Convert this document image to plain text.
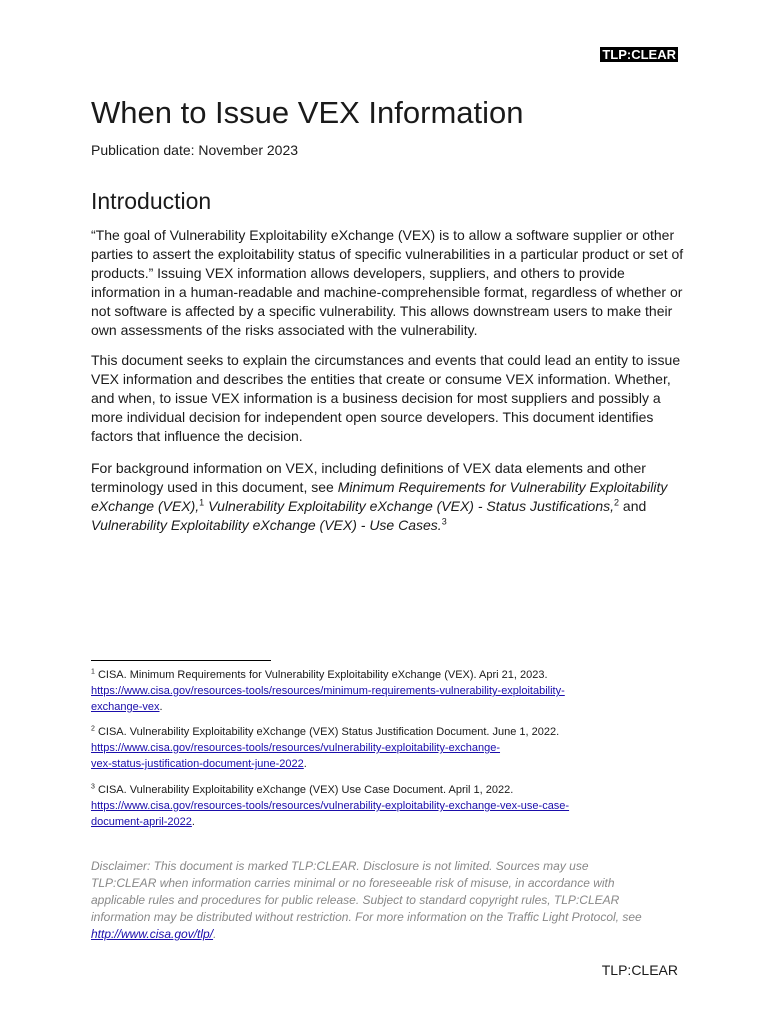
TLP:CLEAR
When to Issue VEX Information

Publication date: November 2023

Introduction

“The goal of Vulnerability Exploitability eXchange (VEX) is to allow a software supplier or other
parties to assert the exploitability status of specific vulnerabilities in a particular product or set of
products.” Issuing VEX information allows developers, suppliers, and others to provide
information in a human-readable and machine-comprehensible format, regardless of whether or
not software is affected by a specific vulnerability. This allows downstream users to make their
own assessments of the risks associated with the vulnerability.

This document seeks to explain the circumstances and events that could lead an entity to issue
VEX information and describes the entities that create or consume VEX information. Whether,
and when, to issue VEX information is a business decision for most suppliers and possibly a
more individual decision for independent open source developers. This document identifies
factors that influence the decision.

For background information on VEX, including definitions of VEX data elements and other
terminology used in this document, see Minimum Requirements for Vulnerability Exploitability
eXchange (VEX),$^1$ Vulnerability Exploitability eXchange (VEX) - Status Justifications,$^2$ and
Vulnerability Exploitability eXchange (VEX) - Use Cases.$^3$

$^1$ CISA. Minimum Requirements for Vulnerability Exploitability eXchange (VEX). Apri 21, 2023.
https://www.cisa.gov/resources-tools/resources/minimum-requirements-vulnerability-exploitability-
exchange-vex.

$^2$ CISA. Vulnerability Exploitability eXchange (VEX) Status Justification Document. June 1, 2022.
https://www.cisa.gov/resources-tools/resources/vulnerability-exploitability-exchange-
vex-status-justification-document-june-2022.

$^3$ CISA. Vulnerability Exploitability eXchange (VEX) Use Case Document. April 1, 2022.
https://www.cisa.gov/resources-tools/resources/vulnerability-exploitability-exchange-vex-use-case-
document-april-2022.

Disclaimer: This document is marked TLP:CLEAR. Disclosure is not limited. Sources may use
TLP:CLEAR when information carries minimal or no foreseeable risk of misuse, in accordance with
applicable rules and procedures for public release. Subject to standard copyright rules, TLP:CLEAR
information may be distributed without restriction. For more information on the Traffic Light Protocol, see
http://www.cisa.gov/tlp/.

TLP:CLEAR
